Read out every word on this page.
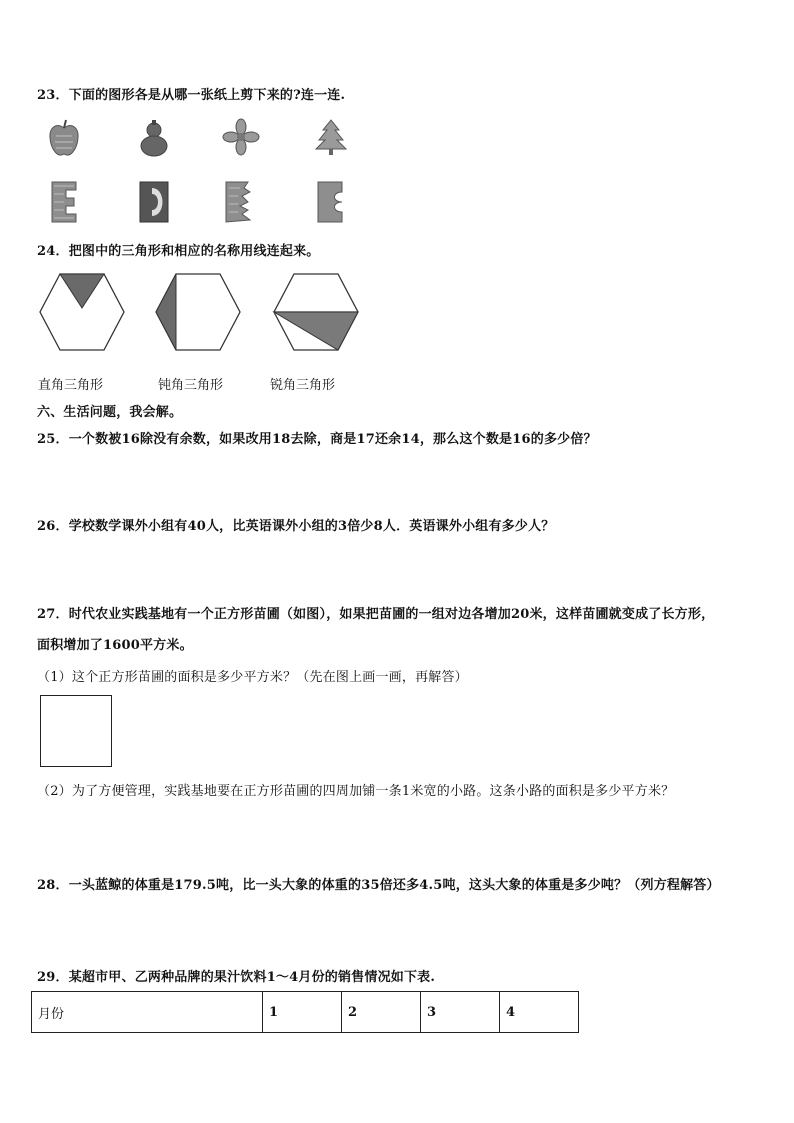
23．下面的图形各是从哪一张纸上剪下来的?连一连.
24．把图中的三角形和相应的名称用线连起来。
直角三角形	钝角三角形	锐角三角形
六、生活问题，我会解。
25．一个数被16除没有余数，如果改用18去除，商是17还余14，那么这个数是16的多少倍？
26．学校数学课外小组有40人，比英语课外小组的3倍少8人．英语课外小组有多少人？
27．时代农业实践基地有一个正方形苗圃（如图），如果把苗圃的一组对边各增加20米，这样苗圃就变成了长方形，
面积增加了1600平方米。
（1）这个正方形苗圃的面积是多少平方米？（先在图上画一画，再解答）
（2）为了方便管理，实践基地要在正方形苗圃的四周加铺一条1米宽的小路。这条小路的面积是多少平方米？
28．一头蓝鲸的体重是179.5吨，比一头大象的体重的35倍还多4.5吨，这头大象的体重是多少吨？（列方程解答）
29．某超市甲、乙两种品牌的果汁饮料1～4月份的销售情况如下表.
月份	1	2	3	4
